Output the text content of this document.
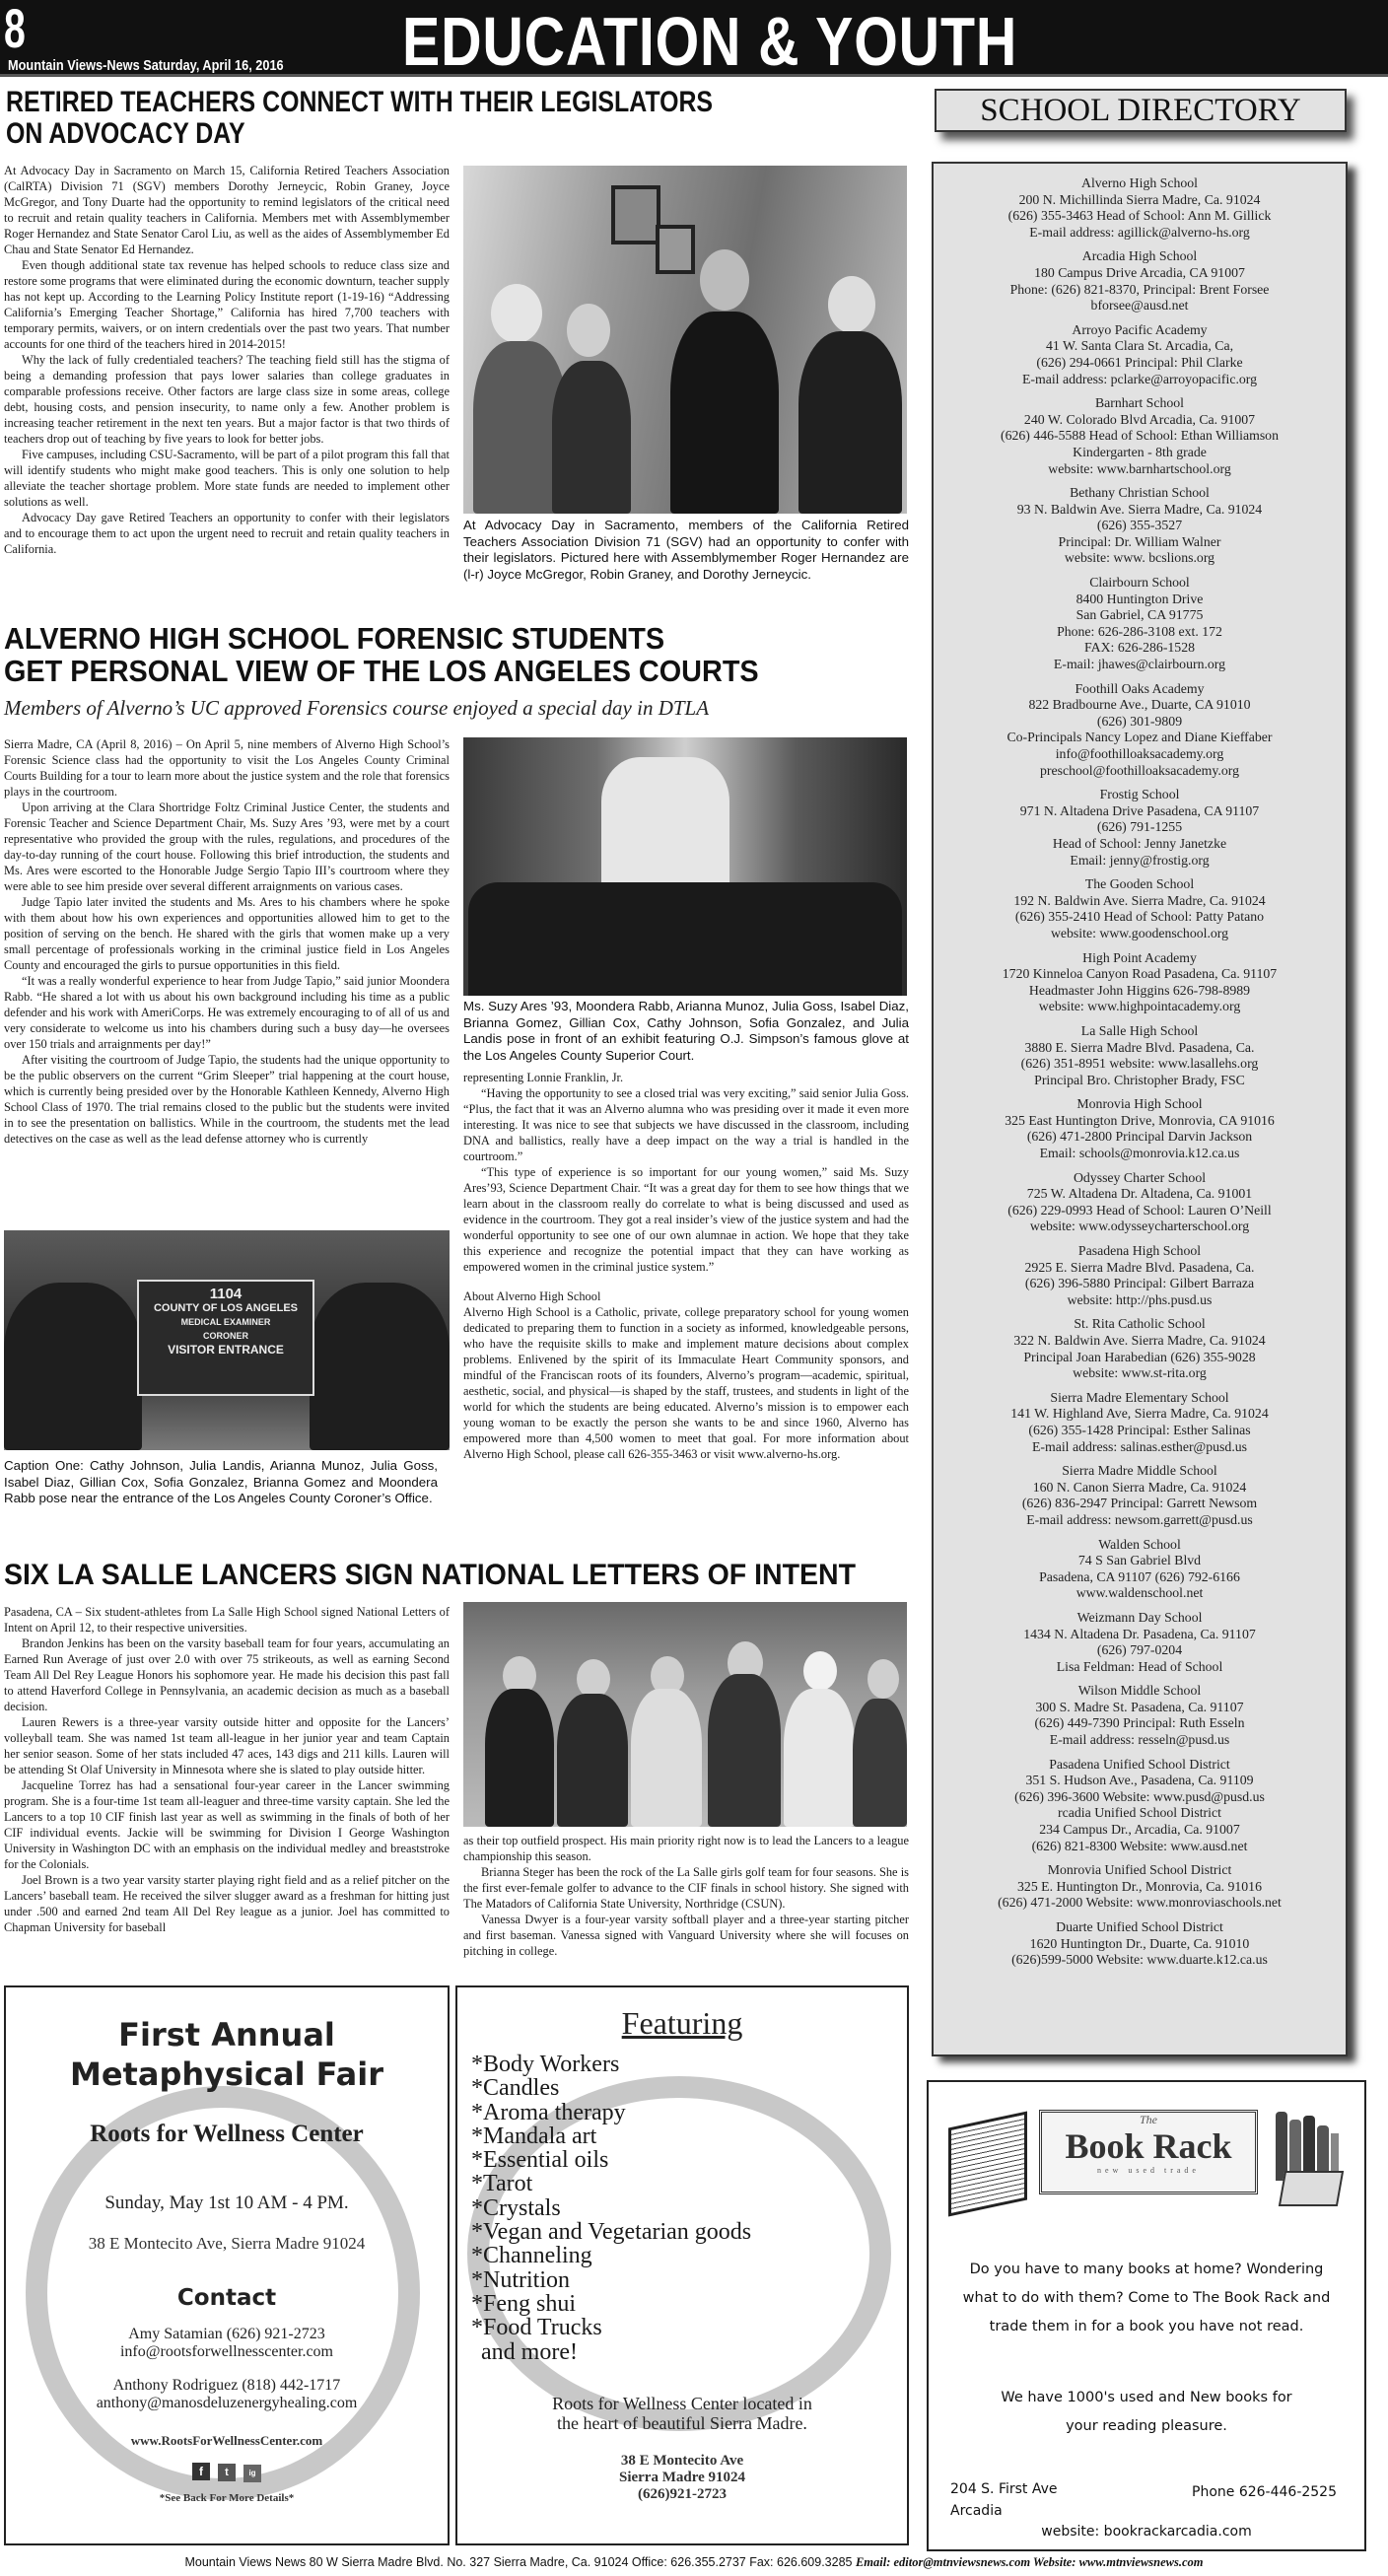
8
Mountain Views-News Saturday, April 16, 2016 EDUCATION & YOUTH
RETIRED TEACHERS CONNECT WITH THEIR LEGISLATORS
ON ADVOCACY DAY

At Advocacy Day in Sacramento on March 15, California Retired Teachers Association (CalRTA) Division 71 (SGV) members Dorothy Jerneycic, Robin Graney, Joyce McGregor, and Tony Duarte had the opportunity to remind legislators of the critical need to recruit and retain quality teachers in California. Members met with Assemblymember Roger Hernandez and State Senator Carol Liu, as well as the aides of Assemblymember Ed Chau and State Senator Ed Hernandez.

Even though additional state tax revenue has helped schools to reduce class size and restore some programs that were eliminated during the economic downturn, teacher supply has not kept up. According to the Learning Policy Institute report (1-19-16) “Addressing California’s Emerging Teacher Shortage,” California has hired 7,700 teachers with temporary permits, waivers, or on intern credentials over the past two years. That number accounts for one third of the teachers hired in 2014-2015!

Why the lack of fully credentialed teachers? The teaching field still has the stigma of being a demanding profession that pays lower salaries than college graduates in comparable professions receive. Other factors are large class size in some areas, college debt, housing costs, and pension insecurity, to name only a few. Another problem is increasing teacher retirement in the next ten years. But a major factor is that two thirds of teachers drop out of teaching by five years to look for better jobs.

Five campuses, including CSU-Sacramento, will be part of a pilot program this fall that will identify students who might make good teachers. This is only one solution to help alleviate the teacher shortage problem. More state funds are needed to implement other solutions as well.

Advocacy Day gave Retired Teachers an opportunity to confer with their legislators and to encourage them to act upon the urgent need to recruit and retain quality teachers in California.

At Advocacy Day in Sacramento, members of the California Retired Teachers Association Division 71 (SGV) had an opportunity to confer with their legislators. Pictured here with Assemblymember Roger Hernandez are (l-r) Joyce McGregor, Robin Graney, and Dorothy Jerneycic.
ALVERNO HIGH SCHOOL FORENSIC STUDENTS
GET PERSONAL VIEW OF THE LOS ANGELES COURTS
Members of Alverno’s UC approved Forensics course enjoyed a special day in DTLA

Sierra Madre, CA (April 8, 2016) – On April 5, nine members of Alverno High School’s Forensic Science class had the opportunity to visit the Los Angeles County Criminal Courts Building for a tour to learn more about the justice system and the role that forensics plays in the courtroom.

Upon arriving at the Clara Shortridge Foltz Criminal Justice Center, the students and Forensic Teacher and Science Department Chair, Ms. Suzy Ares ’93, were met by a court representative who provided the group with the rules, regulations, and procedures of the day-to-day running of the court house. Following this brief introduction, the students and Ms. Ares were escorted to the Honorable Judge Sergio Tapio III’s courtroom where they were able to see him preside over several different arraignments on various cases.

Judge Tapio later invited the students and Ms. Ares to his chambers where he spoke with them about how his own experiences and opportunities allowed him to get to the position of serving on the bench. He shared with the girls that women make up a very small percentage of professionals working in the criminal justice field in Los Angeles County and encouraged the girls to pursue opportunities in this field.

“It was a really wonderful experience to hear from Judge Tapio,” said junior Moondera Rabb. “He shared a lot with us about his own background including his time as a public defender and his work with AmeriCorps. He was extremely encouraging to of all of us and very considerate to welcome us into his chambers during such a busy day—he oversees over 150 trials and arraignments per day!”

After visiting the courtroom of Judge Tapio, the students had the unique opportunity to be the public observers on the current “Grim Sleeper” trial happening at the court house, which is currently being presided over by the Honorable Kathleen Kennedy, Alverno High School Class of 1970. The trial remains closed to the public but the students were invited in to see the presentation on ballistics. While in the courtroom, the students met the lead detectives on the case as well as the lead defense attorney who is currently

Ms. Suzy Ares ’93, Moondera Rabb, Arianna Munoz, Julia Goss, Isabel Diaz, Brianna Gomez, Gillian Cox, Cathy Johnson, Sofia Gonzalez, and Julia Landis pose in front of an exhibit featuring O.J. Simpson’s famous glove at the Los Angeles County Superior Court.

representing Lonnie Franklin, Jr.

“Having the opportunity to see a closed trial was very exciting,” said senior Julia Goss. “Plus, the fact that it was an Alverno alumna who was presiding over it made it even more interesting. It was nice to see that subjects we have discussed in the classroom, including DNA and ballistics, really have a deep impact on the way a trial is handled in the courtroom.”

“This type of experience is so important for our young women,” said Ms. Suzy Ares’93, Science Department Chair. “It was a great day for them to see how things that we learn about in the classroom really do correlate to what is being discussed and used as evidence in the courtroom. They got a real insider’s view of the justice system and had the wonderful opportunity to see one of our own alumnae in action. We hope that they take this experience and recognize the potential impact that they can have working as empowered women in the criminal justice system.”

About Alverno High School

Alverno High School is a Catholic, private, college preparatory school for young women dedicated to preparing them to function in a society as informed, knowledgeable persons, who have the requisite skills to make and implement mature decisions about complex problems. Enlivened by the spirit of its Immaculate Heart Community sponsors, and mindful of the Franciscan roots of its founders, Alverno’s program—academic, spiritual, aesthetic, social, and physical—is shaped by the staff, trustees, and students in light of the world for which the students are being educated. Alverno’s mission is to empower each young woman to be exactly the person she wants to be and since 1960, Alverno has empowered more than 4,500 women to meet that goal. For more information about Alverno High School, please call 626-355-3463 or visit www.alverno-hs.org.

1104
COUNTY OF LOS ANGELES
MEDICAL EXAMINER
CORONER
VISITOR ENTRANCE
Caption One: Cathy Johnson, Julia Landis, Arianna Munoz, Julia Goss, Isabel Diaz, Gillian Cox, Sofia Gonzalez, Brianna Gomez and Moondera Rabb pose near the entrance of the Los Angeles County Coroner’s Office.
SIX LA SALLE LANCERS SIGN NATIONAL LETTERS OF INTENT

Pasadena, CA – Six student-athletes from La Salle High School signed National Letters of Intent on April 12, to their respective universities.

Brandon Jenkins has been on the varsity baseball team for four years, accumulating an Earned Run Average of just over 2.0 with over 75 strikeouts, as well as earning Second Team All Del Rey League Honors his sophomore year. He made his decision this past fall to attend Haverford College in Pennsylvania, an academic decision as much as a baseball decision.

Lauren Rewers is a three-year varsity outside hitter and opposite for the Lancers’ volleyball team. She was named 1st team all-league in her junior year and team Captain her senior season. Some of her stats included 47 aces, 143 digs and 211 kills. Lauren will be attending St Olaf University in Minnesota where she is slated to play outside hitter.

Jacqueline Torrez has had a sensational four-year career in the Lancer swimming program. She is a four-time 1st team all-leaguer and three-time varsity captain. She led the Lancers to a top 10 CIF finish last year as well as swimming in the finals of both of her CIF individual events. Jackie will be swimming for Division I George Washington University in Washington DC with an emphasis on the individual medley and breaststroke for the Colonials.

Joel Brown is a two year varsity starter playing right field and as a relief pitcher on the Lancers’ baseball team. He received the silver slugger award as a freshman for hitting just under .500 and earned 2nd team All Del Rey league as a junior. Joel has committed to Chapman University for baseball

as their top outfield prospect. His main priority right now is to lead the Lancers to a league championship this season.

Brianna Steger has been the rock of the La Salle girls golf team for four seasons. She is the first ever-female golfer to advance to the CIF finals in school history. She signed with The Matadors of California State University, Northridge (CSUN).

Vanessa Dwyer is a four-year varsity softball player and a three-year starting pitcher and first baseman. Vanessa signed with Vanguard University where she will focuses on pitching in college.

SCHOOL DIRECTORY
Alverno High School
200 N. Michillinda Sierra Madre, Ca. 91024
(626) 355-3463 Head of School: Ann M. Gillick
E-mail address: agillick@alverno-hs.org
Arcadia High School
180 Campus Drive Arcadia, CA 91007
Phone: (626) 821-8370, Principal: Brent Forsee
bforsee@ausd.net
Arroyo Pacific Academy
41 W. Santa Clara St. Arcadia, Ca,
(626) 294-0661 Principal: Phil Clarke
E-mail address: pclarke@arroyopacific.org
Barnhart School
240 W. Colorado Blvd Arcadia, Ca. 91007
(626) 446-5588 Head of School: Ethan Williamson
Kindergarten - 8th grade
website: www.barnhartschool.org
Bethany Christian School
93 N. Baldwin Ave. Sierra Madre, Ca. 91024
(626) 355-3527
Principal: Dr. William Walner
website: www. bcslions.org
Clairbourn School
8400 Huntington Drive
San Gabriel, CA 91775
Phone: 626-286-3108 ext. 172
FAX: 626-286-1528
E-mail: jhawes@clairbourn.org
Foothill Oaks Academy
822 Bradbourne Ave., Duarte, CA 91010
(626) 301-9809
Co-Principals Nancy Lopez and Diane Kieffaber
info@foothilloaksacademy.org
preschool@foothilloaksacademy.org
Frostig School
971 N. Altadena Drive Pasadena, CA 91107
(626) 791-1255
Head of School: Jenny Janetzke
Email: jenny@frostig.org
The Gooden School
192 N. Baldwin Ave. Sierra Madre, Ca. 91024
(626) 355-2410 Head of School: Patty Patano
website: www.goodenschool.org
High Point Academy
1720 Kinneloa Canyon Road Pasadena, Ca. 91107
Headmaster John Higgins 626-798-8989
website: www.highpointacademy.org
La Salle High School
3880 E. Sierra Madre Blvd. Pasadena, Ca.
(626) 351-8951 website: www.lasallehs.org
Principal Bro. Christopher Brady, FSC
Monrovia High School
325 East Huntington Drive, Monrovia, CA 91016
(626) 471-2800 Principal Darvin Jackson
Email: schools@monrovia.k12.ca.us
Odyssey Charter School
725 W. Altadena Dr. Altadena, Ca. 91001
(626) 229-0993 Head of School: Lauren O’Neill
website: www.odysseycharterschool.org
Pasadena High School
2925 E. Sierra Madre Blvd. Pasadena, Ca.
(626) 396-5880 Principal: Gilbert Barraza
website: http://phs.pusd.us
St. Rita Catholic School
322 N. Baldwin Ave. Sierra Madre, Ca. 91024
Principal Joan Harabedian (626) 355-9028
website: www.st-rita.org
Sierra Madre Elementary School
141 W. Highland Ave, Sierra Madre, Ca. 91024
(626) 355-1428 Principal: Esther Salinas
E-mail address: salinas.esther@pusd.us
Sierra Madre Middle School
160 N. Canon Sierra Madre, Ca. 91024
(626) 836-2947 Principal: Garrett Newsom
E-mail address: newsom.garrett@pusd.us
Walden School
74 S San Gabriel Blvd
Pasadena, CA 91107 (626) 792-6166
www.waldenschool.net
Weizmann Day School
1434 N. Altadena Dr. Pasadena, Ca. 91107
(626) 797-0204
Lisa Feldman: Head of School
Wilson Middle School
300 S. Madre St. Pasadena, Ca. 91107
(626) 449-7390 Principal: Ruth Esseln
E-mail address: resseln@pusd.us
Pasadena Unified School District
351 S. Hudson Ave., Pasadena, Ca. 91109
(626) 396-3600 Website: www.pusd@pusd.us
rcadia Unified School District
234 Campus Dr., Arcadia, Ca. 91007
(626) 821-8300 Website: www.ausd.net
Monrovia Unified School District
325 E. Huntington Dr., Monrovia, Ca. 91016
(626) 471-2000 Website: www.monroviaschools.net
Duarte Unified School District
1620 Huntington Dr., Duarte, Ca. 91010
(626)599-5000 Website: www.duarte.k12.ca.us
First Annual
Metaphysical Fair
Roots for Wellness Center
Sunday, May 1st 10 AM - 4 PM.
38 E Montecito Ave, Sierra Madre 91024
Contact
Amy Satamian (626) 921-2723
info@rootsforwellnesscenter.com
Anthony Rodriguez (818) 442-1717
anthony@manosdeluzenergyhealing.com
www.RootsForWellnessCenter.com
f t	ig
*See Back For More Details*
Featuring
*Body Workers
*Candles
*Aroma therapy
*Mandala art
*Essential oils
*Tarot
*Crystals
*Vegan and Vegetarian goods
*Channeling
*Nutrition
*Feng shui
*Food Trucks
and more!
Roots for Wellness Center located in
the heart of beautiful Sierra Madre.
38 E Montecito Ave
Sierra Madre 91024
(626)921-2723
The
Book Rack
new used trade
Do you have to many books at home? Wondering
what to do with them? Come to The Book Rack and
trade them in for a book you have not read.
We have 1000's used and New books for
your reading pleasure.
204 S. First Ave
Arcadia
Phone 626-446-2525
website: bookrackarcadia.com
Mountain Views News 80 W Sierra Madre Blvd. No. 327 Sierra Madre, Ca. 91024 Office: 626.355.2737 Fax: 626.609.3285 Email: editor@mtnviewsnews.com Website: www.mtnviewsnews.com
